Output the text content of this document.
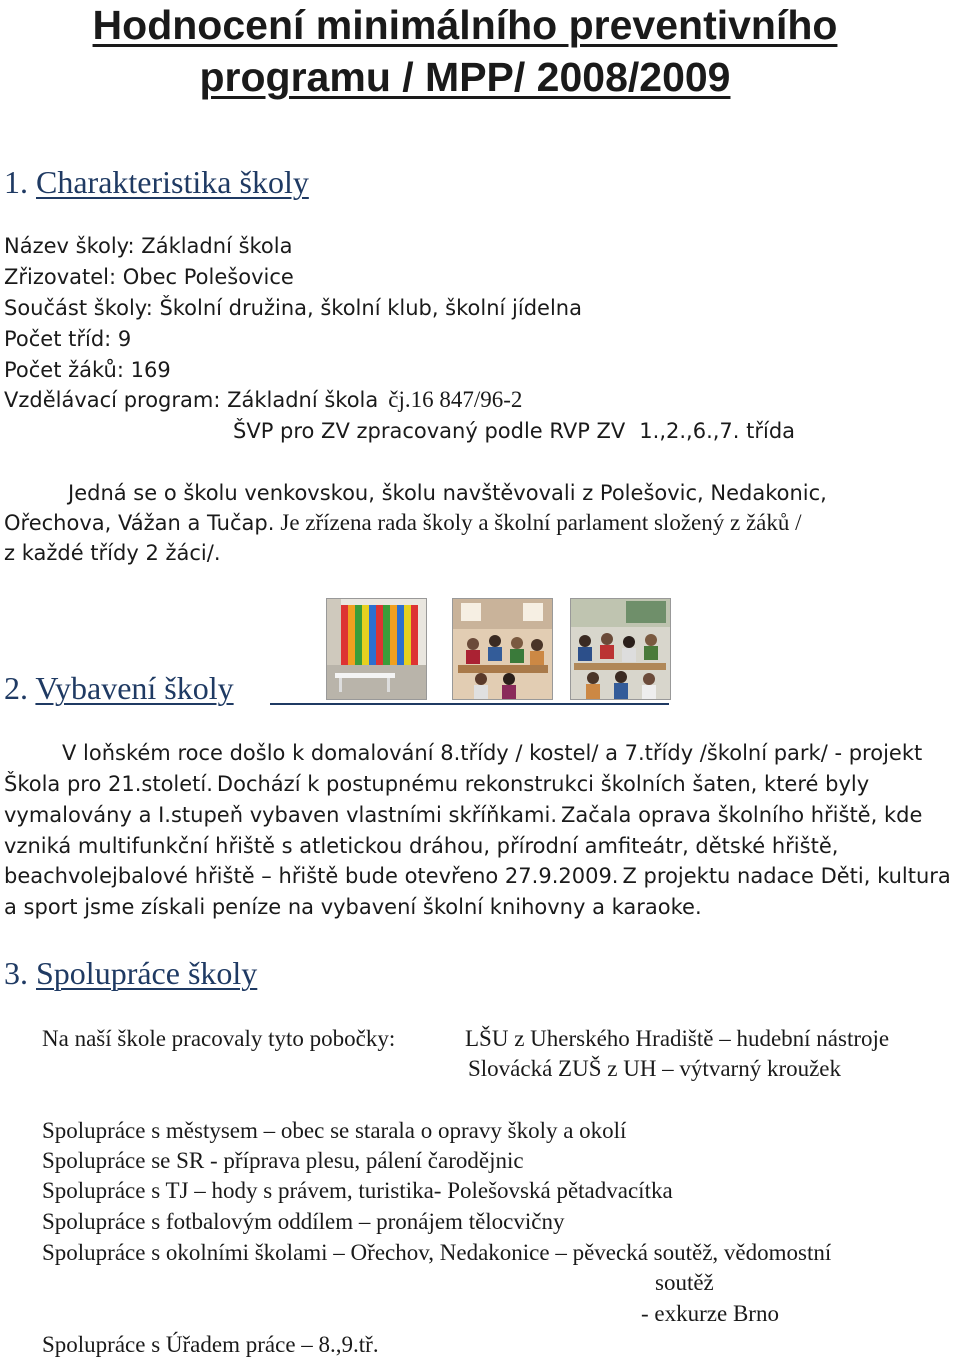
Hodnocení minimálního preventivního
programu / MPP/ 2008/2009
1. Charakteristika školy
Název školy: Základní škola
Zřizovatel: Obec Polešovice
Součást školy: Školní družina, školní klub, školní jídelna
Počet tříd: 9
Počet žáků: 169
Vzdělávací program: Základní škola čj.16 847/96-2
ŠVP pro ZV zpracovaný podle RVP ZV 1.,2.,6.,7. třída
Jedná se o školu venkovskou, školu navštěvovali z Polešovic, Nedakonic,
Ořechova, Vážan a Tučap. Je zřízena rada školy a školní parlament složený z žáků /
z každé třídy 2 žáci/.
2. Vybavení školy
V loňském roce došlo k domalování 8.třídy / kostel/ a 7.třídy /školní park/ - projekt
Škola pro 21.století. Dochází k postupnému rekonstrukci školních šaten, které byly
vymalovány a I.stupeň vybaven vlastními skříňkami. Začala oprava školního hřiště, kde
vzniká multifunkční hřiště s atletickou dráhou, přírodní amfiteátr, dětské hřiště,
beachvolejbalové hřiště – hřiště bude otevřeno 27.9.2009. Z projektu nadace Děti, kultura
a sport jsme získali peníze na vybavení školní knihovny a karaoke.
3. Spolupráce školy
Na naší škole pracovaly tyto pobočky:	LŠU z Uherského Hradiště – hudební nástroje
Slovácká ZUŠ z UH – výtvarný kroužek
Spolupráce s městysem – obec se starala o opravy školy a okolí
Spolupráce se SR - příprava plesu, pálení čarodějnic
Spolupráce s TJ – hody s právem, turistika- Polešovská pětadvacítka
Spolupráce s fotbalovým oddílem – pronájem tělocvičny
Spolupráce s okolními školami – Ořechov, Nedakonice – pěvecká soutěž, vědomostní
soutěž
- exkurze Brno
Spolupráce s Úřadem práce – 8.,9.tř.
